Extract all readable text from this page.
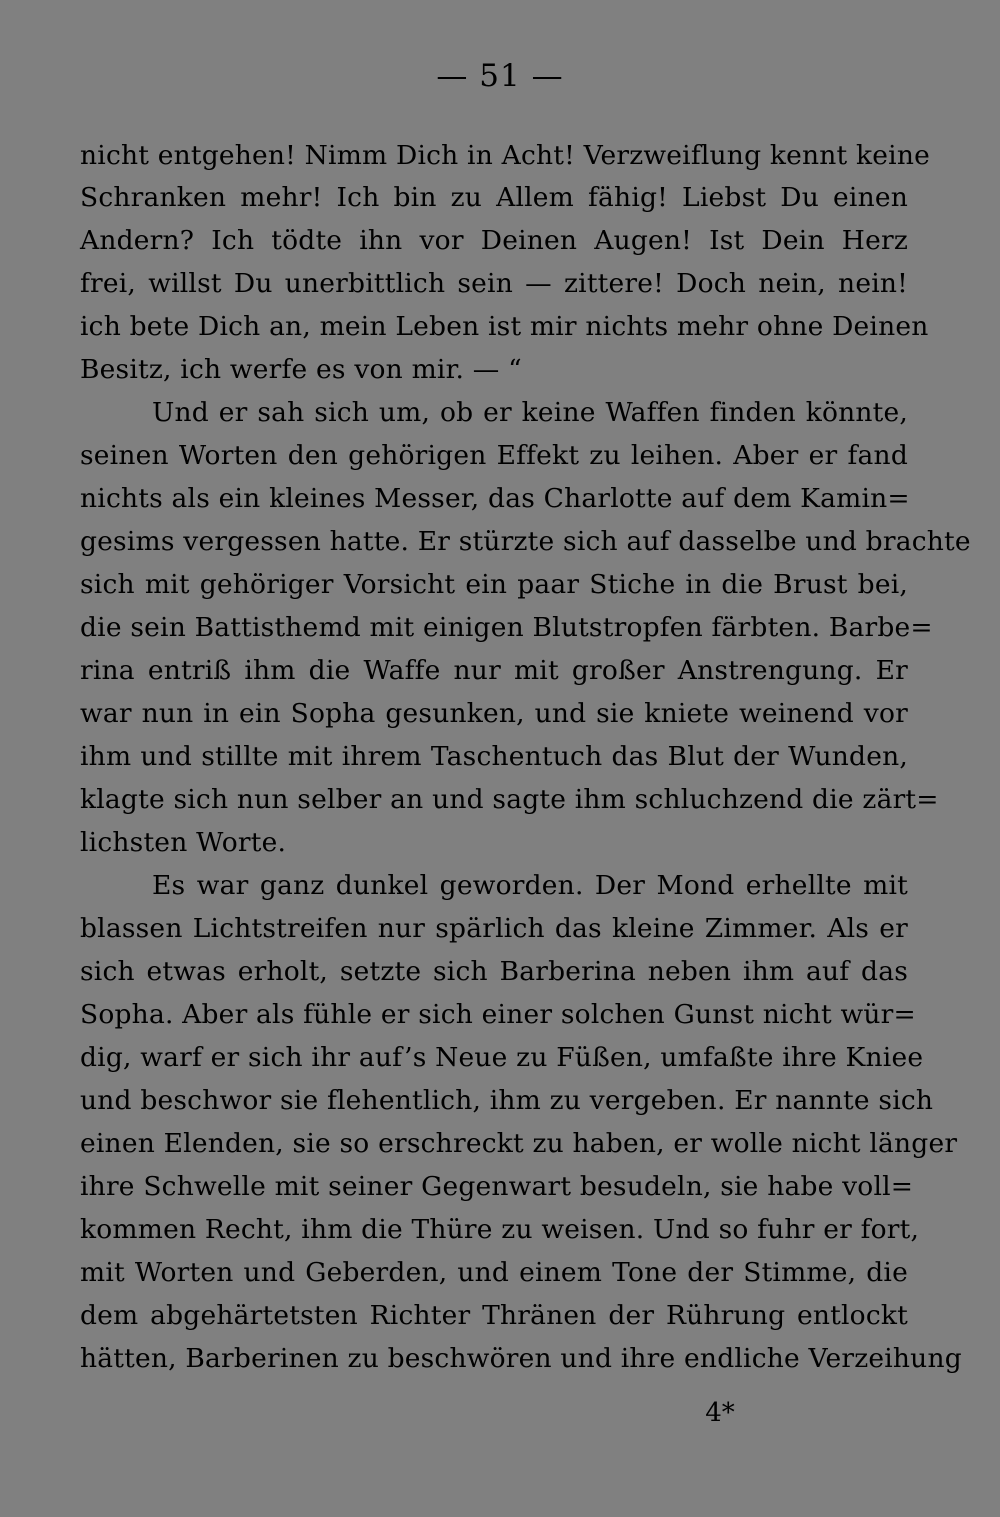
— 51 —
nicht entgehen! Nimm Dich in Acht! Verzweiflung kennt keine
Schranken mehr! Ich bin zu Allem fähig! Liebst Du einen
Andern? Ich tödte ihn vor Deinen Augen! Ist Dein Herz
frei, willst Du unerbittlich sein — zittere! Doch nein, nein!
ich bete Dich an, mein Leben ist mir nichts mehr ohne Deinen
Besitz, ich werfe es von mir. — “
Und er sah sich um, ob er keine Waffen finden könnte,
seinen Worten den gehörigen Effekt zu leihen. Aber er fand
nichts als ein kleines Messer, das Charlotte auf dem Kamin=
gesims vergessen hatte. Er stürzte sich auf dasselbe und brachte
sich mit gehöriger Vorsicht ein paar Stiche in die Brust bei,
die sein Battisthemd mit einigen Blutstropfen färbten. Barbe=
rina entriß ihm die Waffe nur mit großer Anstrengung. Er
war nun in ein Sopha gesunken, und sie kniete weinend vor
ihm und stillte mit ihrem Taschentuch das Blut der Wunden,
klagte sich nun selber an und sagte ihm schluchzend die zärt=
lichsten Worte.
Es war ganz dunkel geworden. Der Mond erhellte mit
blassen Lichtstreifen nur spärlich das kleine Zimmer. Als er
sich etwas erholt, setzte sich Barberina neben ihm auf das
Sopha. Aber als fühle er sich einer solchen Gunst nicht wür=
dig, warf er sich ihr auf’s Neue zu Füßen, umfaßte ihre Kniee
und beschwor sie flehentlich, ihm zu vergeben. Er nannte sich
einen Elenden, sie so erschreckt zu haben, er wolle nicht länger
ihre Schwelle mit seiner Gegenwart besudeln, sie habe voll=
kommen Recht, ihm die Thüre zu weisen. Und so fuhr er fort,
mit Worten und Geberden, und einem Tone der Stimme, die
dem abgehärtetsten Richter Thränen der Rührung entlockt
hätten, Barberinen zu beschwören und ihre endliche Verzeihung
4*
